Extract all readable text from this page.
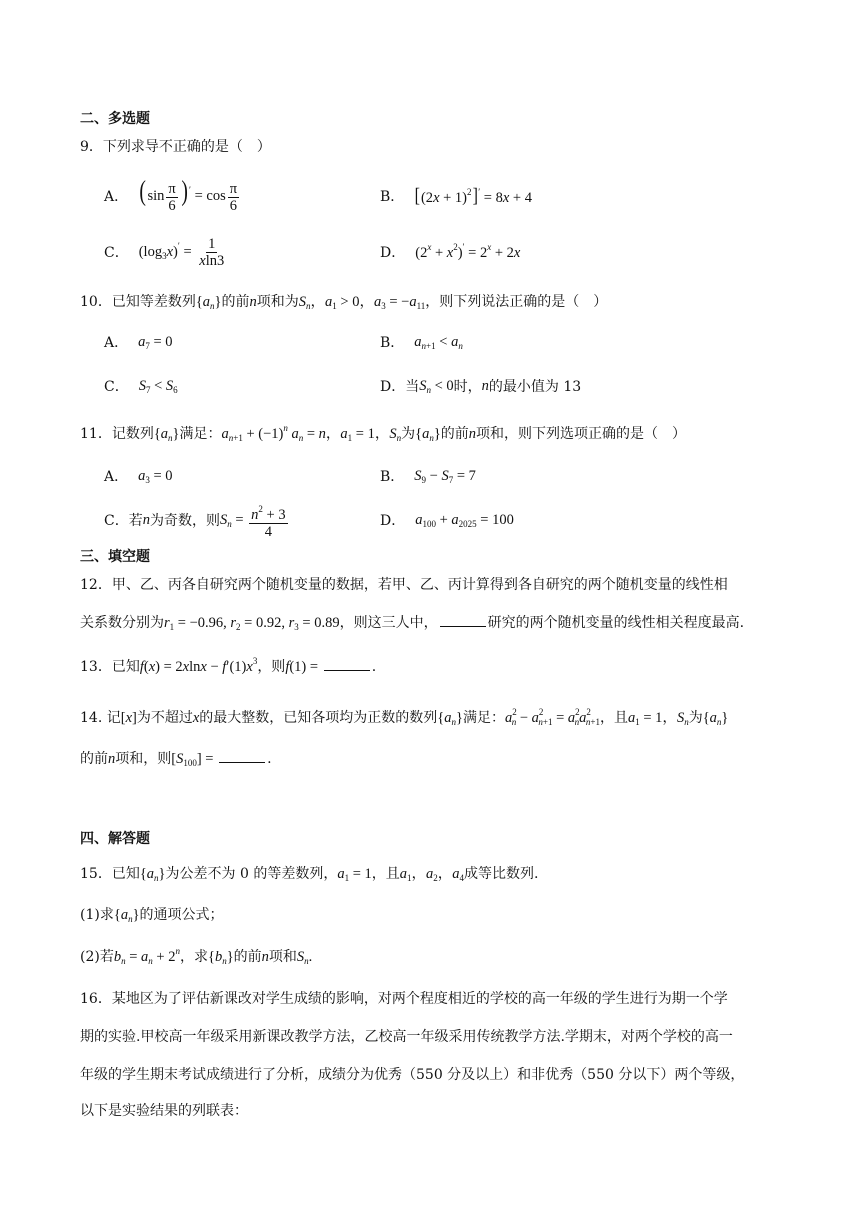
二、多选题
9．下列求导不正确的是（　）
A． $(\sin \frac{\pi}{6} )' = \cos \frac{\pi}{6}$	B． $[(2x + 1)^2]' = 8x + 4$
C． $(\log_3x)' = \frac{1}{xln3}$	D． $(2^x + x^2)' = 2^x + 2x$
10．已知等差数列$\{a_n\}$的前n项和为$S_n$，$a_1 > 0$，$a_3 = -a_{11}$，则下列说法正确的是（　）
A． $a_7 = 0$	B． $a_{n+1} < a_n$
C． $S_7 < S_6$	D．当 $S_n < 0$ 时， n 的最小值为 13
11．记数列$\{a_n\}$满足：$a_{n+1} + (-1)^n$ $a_n = n$，$a_1 = 1$，$S_n$为$\{a_n\}$的前n项和，则下列选项正确的是（　）
A． $a_3 = 0$	B． $S_9 - S_7 = 7$
C．若 n 为奇数，则 $S_n = \frac{n^2 + 3}{4}$	D． $a_{100} + a_{2025} = 100$
三、填空题
12．甲、乙、丙各自研究两个随机变量的数据，若甲、乙、丙计算得到各自研究的两个随机变量的线性相
关系数分别为$r_1 = -0.96$, $r_2 = 0.92$, $r_3 = 0.89$，则这三人中，	研究的两个随机变量的线性相关程度最高.
13．已知$f(x) = 2xlnx - f'(1)x^3$，则f(1) =	.
14. 记[x]为不超过x的最大整数，已知各项均为正数的数列$\{a_n\}$满足：$a^2_n - a^2_{n+1} = a^2_na^2_{n+1}$，且$a_1 = 1$，$S_n$为$\{a_n\}$
的前n项和，则$[S_{100}]$ =	.
四、解答题
15．已知$\{a_n\}$为公差不为 0 的等差数列，$a_1 = 1$，且$a_1$，$a_2$，$a_4$成等比数列.
(1)求$\{a_n\}$的通项公式；
(2)若$b_n = a_n + 2^n$，求$\{b_n\}$的前n项和$S_n$.
16．某地区为了评估新课改对学生成绩的影响，对两个程度相近的学校的高一年级的学生进行为期一个学
期的实验.甲校高一年级采用新课改教学方法，乙校高一年级采用传统教学方法.学期末，对两个学校的高一
年级的学生期末考试成绩进行了分析，成绩分为优秀（550 分及以上）和非优秀（550 分以下）两个等级，
以下是实验结果的列联表：
